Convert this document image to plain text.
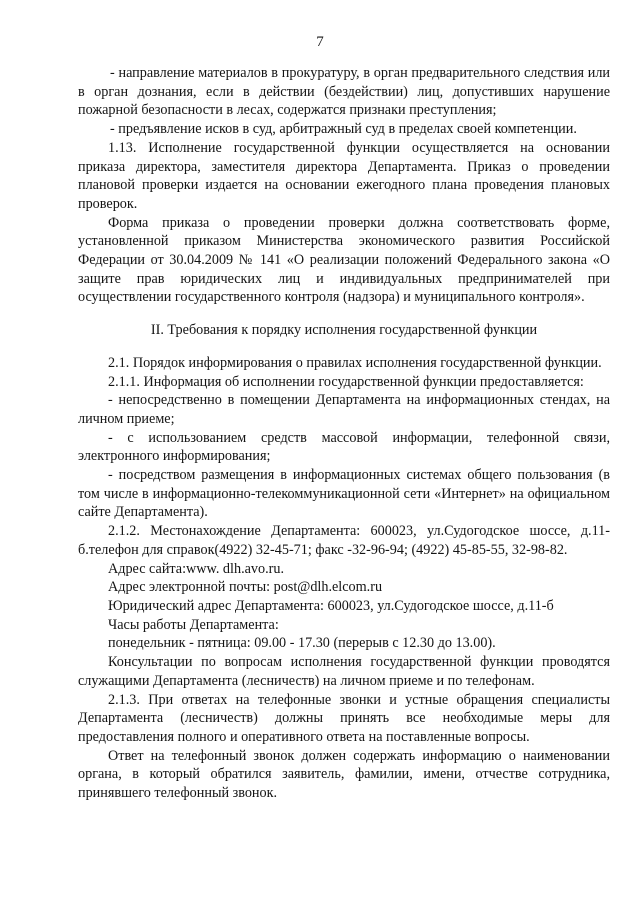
7

- направление материалов в прокуратуру, в орган предварительного следствия или в орган дознания, если в действии (бездействии) лиц, допустивших нарушение пожарной безопасности в лесах, содержатся признаки преступления;

- предъявление исков в суд, арбитражный суд в пределах своей компетенции.

1.13. Исполнение государственной функции осуществляется на основании приказа директора, заместителя директора Департамента. Приказ о проведении плановой проверки издается на основании ежегодного плана проведения плановых проверок.

Форма приказа о проведении проверки должна соответствовать форме, установленной приказом Министерства экономического развития Российской Федерации от 30.04.2009 № 141 «О реализации положений Федерального закона «О защите прав юридических лиц и индивидуальных предпринимателей при осуществлении государственного контроля (надзора) и муниципального контроля».

II. Требования к порядку исполнения государственной функции

2.1. Порядок информирования о правилах исполнения государственной функции.

2.1.1. Информация об исполнении государственной функции предоставляется:

- непосредственно в помещении Департамента на информационных стендах, на личном приеме;

- с использованием средств массовой информации, телефонной связи, электронного информирования;

- посредством размещения в информационных системах общего пользования (в том числе в информационно-телекоммуникационной сети «Интернет» на официальном сайте Департамента).

2.1.2. Местонахождение Департамента: 600023, ул.Судогодское шоссе, д.11-б.телефон для справок(4922) 32-45-71; факс -32-96-94; (4922) 45-85-55, 32-98-82.

Адрес сайта:www. dlh.avo.ru.

Адрес электронной почты: post@dlh.elcom.ru

Юридический адрес Департамента: 600023, ул.Судогодское шоссе, д.11-б

Часы работы Департамента:

понедельник - пятница: 09.00 - 17.30 (перерыв с 12.30 до 13.00).

Консультации по вопросам исполнения государственной функции проводятся служащими Департамента (лесничеств) на личном приеме и по телефонам.

2.1.3. При ответах на телефонные звонки и устные обращения специалисты Департамента (лесничеств) должны принять все необходимые меры для предоставления полного и оперативного ответа на поставленные вопросы.

Ответ на телефонный звонок должен содержать информацию о наименовании органа, в который обратился заявитель, фамилии, имени, отчестве сотрудника, принявшего телефонный звонок.
